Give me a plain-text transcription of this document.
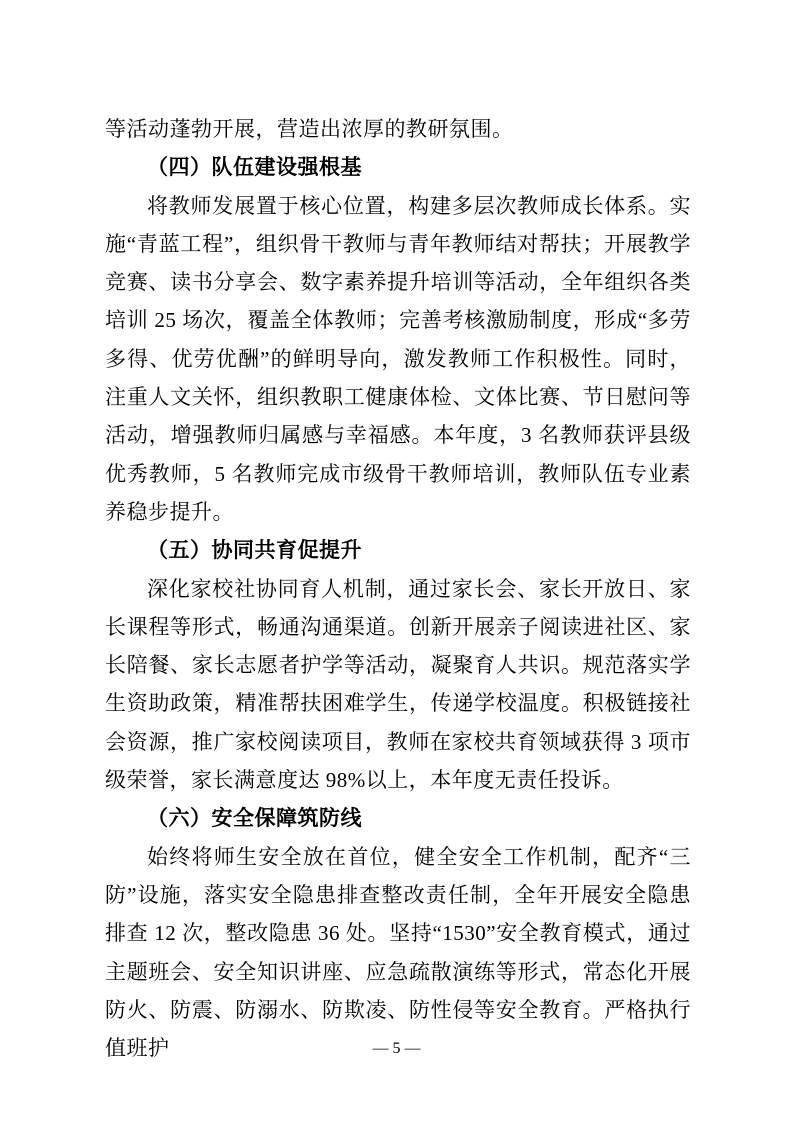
等活动蓬勃开展，营造出浓厚的教研氛围。

（四）队伍建设强根基

将教师发展置于核心位置，构建多层次教师成长体系。实施“青蓝工程”，组织骨干教师与青年教师结对帮扶；开展教学竞赛、读书分享会、数字素养提升培训等活动，全年组织各类培训 25 场次，覆盖全体教师；完善考核激励制度，形成“多劳多得、优劳优酬”的鲜明导向，激发教师工作积极性。同时，注重人文关怀，组织教职工健康体检、文体比赛、节日慰问等活动，增强教师归属感与幸福感。本年度，3 名教师获评县级优秀教师，5 名教师完成市级骨干教师培训，教师队伍专业素养稳步提升。

（五）协同共育促提升

深化家校社协同育人机制，通过家长会、家长开放日、家长课程等形式，畅通沟通渠道。创新开展亲子阅读进社区、家长陪餐、家长志愿者护学等活动，凝聚育人共识。规范落实学生资助政策，精准帮扶困难学生，传递学校温度。积极链接社会资源，推广家校阅读项目，教师在家校共育领域获得 3 项市级荣誉，家长满意度达 98%以上，本年度无责任投诉。

（六）安全保障筑防线

始终将师生安全放在首位，健全安全工作机制，配齐“三防”设施，落实安全隐患排查整改责任制，全年开展安全隐患排查 12 次，整改隐患 36 处。坚持“1530”安全教育模式，通过主题班会、安全知识讲座、应急疏散演练等形式，常态化开展防火、防震、防溺水、防欺凌、防性侵等安全教育。严格执行值班护	— 5 —
